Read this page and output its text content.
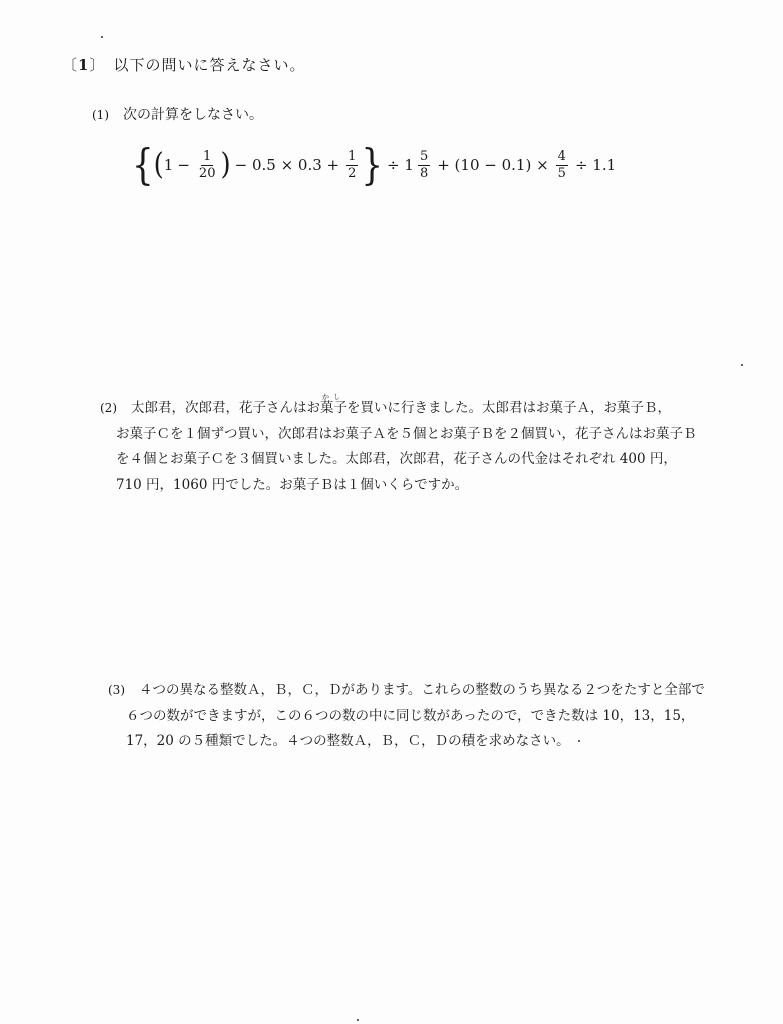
〔1〕 以下の問いに答えなさい。
(1) 次の計算をしなさい。
{ ( $1 - \frac{1}{20}$ ) − $0.5 \times 0.3 + \frac{1}{2}$ } ÷ $1 \frac{5}{8} + (10 - 0.1) \times \frac{4}{5} \div 1.1$
(2) 太郎君，次郎君，花子さんはお
かし
菓子を買いに行きました。太郎君はお菓子Ａ，お菓子Ｂ，
お菓子Ｃを１個ずつ買い，次郎君はお菓子Ａを５個とお菓子Ｂを２個買い，花子さんはお菓子Ｂ
を４個とお菓子Ｃを３個買いました。太郎君，次郎君，花子さんの代金はそれぞれ 400 円，
710 円，1060 円でした。お菓子Ｂは１個いくらですか。
(3) ４つの異なる整数Ａ，Ｂ，Ｃ，Ｄがあります。これらの整数のうち異なる２つをたすと全部で
６つの数ができますが，この６つの数の中に同じ数があったので，できた数は 10，13，15，
17，20 の５種類でした。４つの整数Ａ，Ｂ，Ｃ，Ｄの積を求めなさい。
